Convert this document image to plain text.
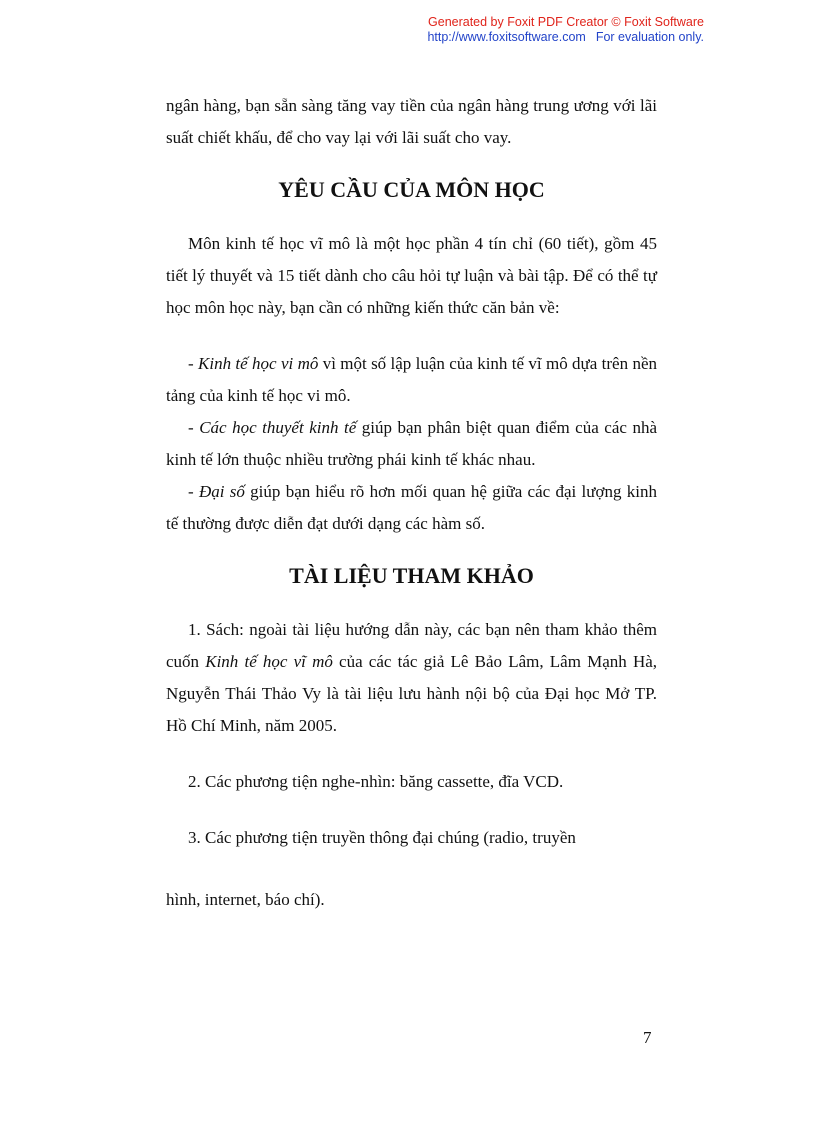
Generated by Foxit PDF Creator © Foxit Software
http://www.foxitsoftware.com For evaluation only.

ngân hàng, bạn sẵn sàng tăng vay tiền của ngân hàng trung ương với lãi suất chiết khấu, để cho vay lại với lãi suất cho vay.

YÊU CẦU CỦA MÔN HỌC

Môn kinh tế học vĩ mô là một học phần 4 tín chỉ (60 tiết), gồm 45 tiết lý thuyết và 15 tiết dành cho câu hỏi tự luận và bài tập. Để có thể tự học môn học này, bạn cần có những kiến thức căn bản về:

- Kinh tế học vi mô vì một số lập luận của kinh tế vĩ mô dựa trên nền tảng của kinh tế học vi mô.

- Các học thuyết kinh tế giúp bạn phân biệt quan điểm của các nhà kinh tế lớn thuộc nhiều trường phái kinh tế khác nhau.

- Đại số giúp bạn hiểu rõ hơn mối quan hệ giữa các đại lượng kinh tế thường được diễn đạt dưới dạng các hàm số.

TÀI LIỆU THAM KHẢO

1. Sách: ngoài tài liệu hướng dẫn này, các bạn nên tham khảo thêm cuốn Kinh tế học vĩ mô của các tác giả Lê Bảo Lâm, Lâm Mạnh Hà, Nguyễn Thái Thảo Vy là tài liệu lưu hành nội bộ của Đại học Mở TP. Hồ Chí Minh, năm 2005.

2. Các phương tiện nghe-nhìn: băng cassette, đĩa VCD.

3. Các phương tiện truyền thông đại chúng (radio, truyền

hình, internet, báo chí).

7
